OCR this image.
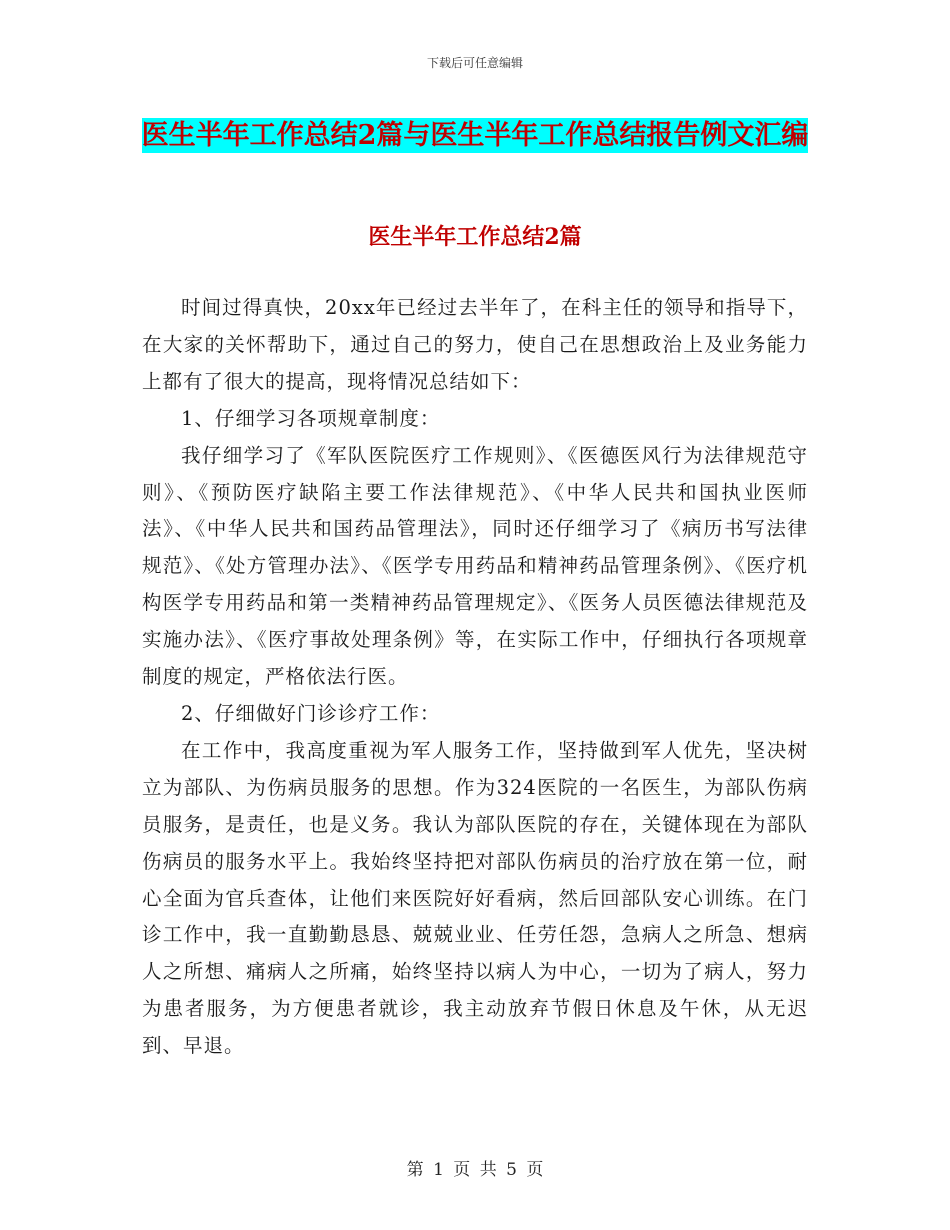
下载后可任意编辑
医生半年工作总结2篇与医生半年工作总结报告例文汇编
医生半年工作总结2篇

时间过得真快，20xx年已经过去半年了，在科主任的领导和指导下，在大家的关怀帮助下，通过自己的努力，使自己在思想政治上及业务能力上都有了很大的提高，现将情况总结如下：

1、仔细学习各项规章制度：

我仔细学习了《军队医院医疗工作规则》、《医德医风行为法律规范守则》、《预防医疗缺陷主要工作法律规范》、《中华人民共和国执业医师法》、《中华人民共和国药品管理法》，同时还仔细学习了《病历书写法律规范》、《处方管理办法》、《医学专用药品和精神药品管理条例》、《医疗机构医学专用药品和第一类精神药品管理规定》、《医务人员医德法律规范及实施办法》、《医疗事故处理条例》等，在实际工作中，仔细执行各项规章制度的规定，严格依法行医。

2、仔细做好门诊诊疗工作：

在工作中，我高度重视为军人服务工作，坚持做到军人优先，坚决树立为部队、为伤病员服务的思想。作为324医院的一名医生，为部队伤病员服务，是责任，也是义务。我认为部队医院的存在，关键体现在为部队伤病员的服务水平上。我始终坚持把对部队伤病员的治疗放在第一位，耐心全面为官兵查体，让他们来医院好好看病，然后回部队安心训练。在门诊工作中，我一直勤勤恳恳、兢兢业业、任劳任怨，急病人之所急、想病人之所想、痛病人之所痛，始终坚持以病人为中心，一切为了病人，努力为患者服务，为方便患者就诊，我主动放弃节假日休息及午休，从无迟到、早退。

第 1 页 共 5 页
